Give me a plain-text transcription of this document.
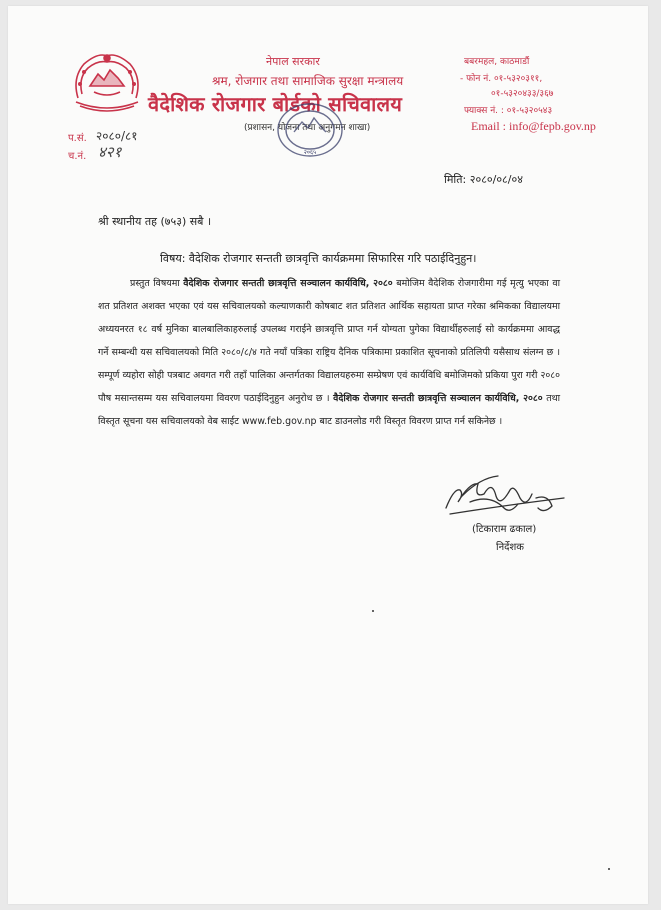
नेपाल सरकार
श्रम, रोजगार तथा सामाजिक सुरक्षा मन्त्रालय
वैदेशिक रोजगार बोर्डको सचिवालय
(प्रशासन, योजना तथा अनुगमन शाखा)
२०६५
बबरमहल, काठमाडौं
- फोन नं. ०१-५३२०३११,
०१-५३२०४३३/३६७
फ्याक्स नं. : ०१-५३२०५४३
Email : info@fepb.gov.np
प.सं. २०८०/८१
च.नं. ४२१
मिति: २०८०/०८/०४
श्री स्थानीय तह (७५३) सबै ।
विषय: वैदेशिक रोजगार सन्तती छात्रवृत्ति कार्यक्रममा सिफारिस गरि पठाईदिनुहुन।
प्रस्तुत विषयमा वैदेशिक रोजगार सन्तती छात्रवृत्ति सञ्चालन कार्यविधि, २०८० बमोजिम वैदेशिक रोजगारीमा गई मृत्यु भएका वा शत प्रतिशत अशक्त भएका एवं यस सचिवालयको कल्याणकारी कोषबाट शत प्रतिशत आर्थिक सहायता प्राप्त गरेका श्रमिकका विद्यालयमा अध्ययनरत १८ वर्ष मुनिका बालबालिकाहरुलाई उपलब्ध गराईने छात्रवृत्ति प्राप्त गर्न योग्यता पुगेका विद्यार्थीहरुलाई सो कार्यक्रममा आवद्ध गर्ने सम्बन्धी यस सचिवालयको मिति २०८०/८/४ गते नयाँ पत्रिका राष्ट्रिय दैनिक पत्रिकामा प्रकाशित सूचनाको प्रतिलिपी यसैसाथ संलग्न छ । सम्पूर्ण व्यहोरा सोही पत्रबाट अवगत गरी तहाँ पालिका अन्तर्गतका विद्यालयहरुमा सम्प्रेषण एवं कार्यविधि बमोजिमको प्रकिया पुरा गरी २०८० पौष मसान्तसम्म यस सचिवालयमा विवरण पठाईदिनुहुन अनुरोध छ । वैदेशिक रोजगार सन्तती छात्रवृत्ति सञ्चालन कार्यविधि, २०८० तथा विस्तृत सूचना यस सचिवालयको वेब साईट www.feb.gov.np बाट डाउनलोड गरी विस्तृत विवरण प्राप्त गर्न सकिनेछ ।
(टिकाराम ढकाल)
निर्देशक
